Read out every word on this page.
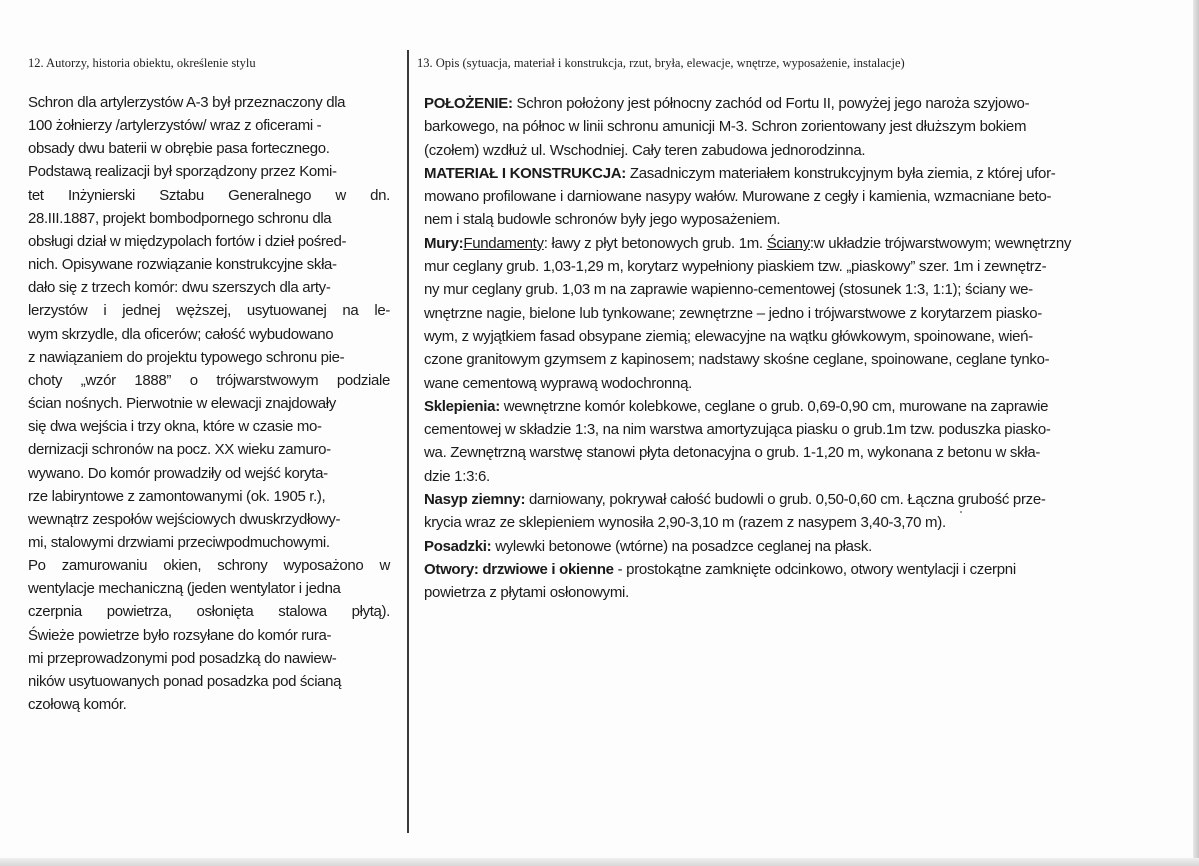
12. Autorzy, historia obiektu, określenie stylu	13. Opis (sytuacja, materiał i konstrukcja, rzut, bryła, elewacje, wnętrze, wyposażenie, instalacje)
Schron dla artylerzystów A-3 był przeznaczony dla
100 żołnierzy /artylerzystów/ wraz z oficerami -
obsady dwu baterii w obrębie pasa fortecznego.
Podstawą realizacji był sporządzony przez Komi-
tet Inżynierski Sztabu Generalnego w dn.
28.III.1887, projekt bombodpornego schronu dla
obsługi dział w międzypolach fortów i dzieł pośred-
nich. Opisywane rozwiązanie konstrukcyjne skła-
dało się z trzech komór: dwu szerszych dla arty-
lerzystów i jednej węższej, usytuowanej na le-
wym skrzydle, dla oficerów; całość wybudowano
z nawiązaniem do projektu typowego schronu pie-
choty „wzór 1888” o trójwarstwowym podziale
ścian nośnych. Pierwotnie w elewacji znajdowały
się dwa wejścia i trzy okna, które w czasie mo-
dernizacji schronów na pocz. XX wieku zamuro-
wywano. Do komór prowadziły od wejść koryta-
rze labiryntowe z zamontowanymi (ok. 1905 r.),
wewnątrz zespołów wejściowych dwuskrzydłowy-
mi, stalowymi drzwiami przeciwpodmuchowymi.
Po zamurowaniu okien, schrony wyposażono w
wentylacje mechaniczną (jeden wentylator i jedna
czerpnia powietrza, osłonięta stalowa płytą).
Świeże powietrze było rozsyłane do komór rura-
mi przeprowadzonymi pod posadzką do nawiew-
ników usytuowanych ponad posadzka pod ścianą
czołową komór.
POŁOŻENIE: Schron położony jest północny zachód od Fortu II, powyżej jego naroża szyjowo-
barkowego, na północ w linii schronu amunicji M-3. Schron zorientowany jest dłuższym bokiem
(czołem) wzdłuż ul. Wschodniej. Cały teren zabudowa jednorodzinna.
MATERIAŁ I KONSTRUKCJA: Zasadniczym materiałem konstrukcyjnym była ziemia, z której ufor-
mowano profilowane i darniowane nasypy wałów. Murowane z cegły i kamienia, wzmacniane beto-
nem i stalą budowle schronów były jego wyposażeniem.
Mury:Fundamenty: ławy z płyt betonowych grub. 1m. Ściany:w układzie trójwarstwowym; wewnętrzny
mur ceglany grub. 1,03-1,29 m, korytarz wypełniony piaskiem tzw. „piaskowy” szer. 1m i zewnętrz-
ny mur ceglany grub. 1,03 m na zaprawie wapienno-cementowej (stosunek 1:3, 1:1); ściany we-
wnętrzne nagie, bielone lub tynkowane; zewnętrzne – jedno i trójwarstwowe z korytarzem piasko-
wym, z wyjątkiem fasad obsypane ziemią; elewacyjne na wątku główkowym, spoinowane, wień-
czone granitowym gzymsem z kapinosem; nadstawy skośne ceglane, spoinowane, ceglane tynko-
wane cementową wyprawą wodochronną.
Sklepienia: wewnętrzne komór kolebkowe, ceglane o grub. 0,69-0,90 cm, murowane na zaprawie
cementowej w składzie 1:3, na nim warstwa amortyzująca piasku o grub.1m tzw. poduszka piasko-
wa. Zewnętrzną warstwę stanowi płyta detonacyjna o grub. 1-1,20 m, wykonana z betonu w skła-
dzie 1:3:6.
Nasyp ziemny: darniowany, pokrywał całość budowli o grub. 0,50-0,60 cm. Łączna grubość prze-
krycia wraz ze sklepieniem wynosiła 2,90-3,10 m (razem z nasypem 3,40-3,70 m).
Posadzki: wylewki betonowe (wtórne) na posadzce ceglanej na płask.
Otwory: drzwiowe i okienne - prostokątne zamknięte odcinkowo, otwory wentylacji i czerpni
powietrza z płytami osłonowymi.
